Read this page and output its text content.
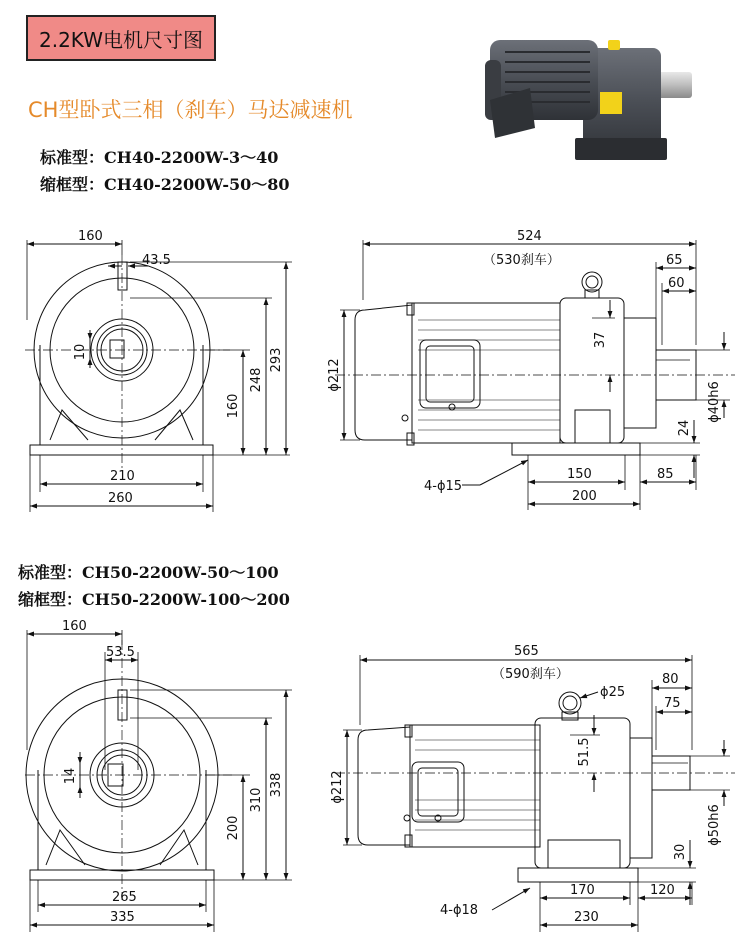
2.2KW电机尺寸图
CH型卧式三相（刹车）马达减速机
标准型：CH40-2200W-3～40
缩框型：CH40-2200W-50～80
标准型：CH50-2200W-50～100
缩框型：CH50-2200W-100～200
160
43.5
10
160
248
293
210
260
524
（530刹车）	65
60
37
ϕ212
ϕ40h6
24
4-ϕ15
150	85
200
160
53.5
14
200
310
338
265
335
565
（590刹车）
ϕ25
80
75
51.5
ϕ212
ϕ50h6
30
4-ϕ18
170	120
230
